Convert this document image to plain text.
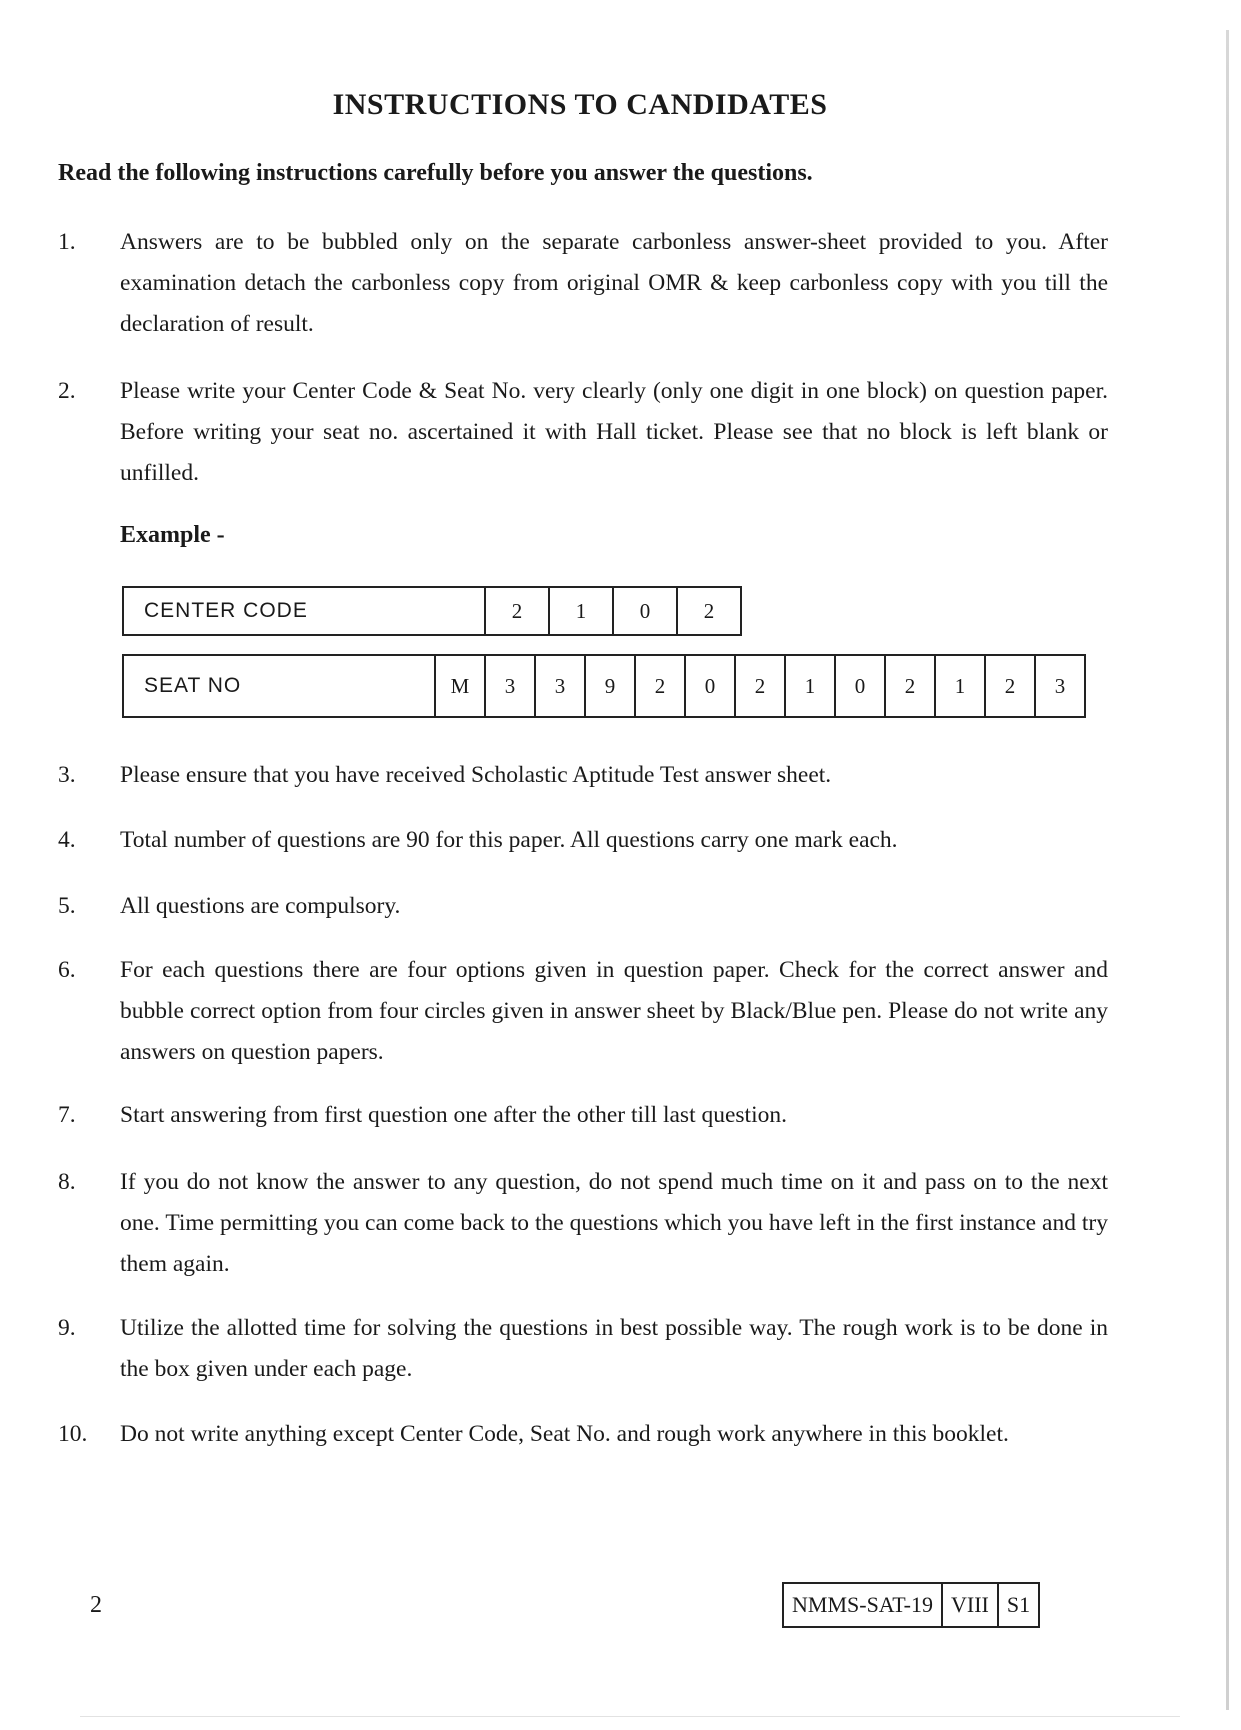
INSTRUCTIONS TO CANDIDATES
Read the following instructions carefully before you answer the questions.
1. Answers are to be bubbled only on the separate carbonless answer-sheet provided to you. After examination detach the carbonless copy from original OMR & keep carbonless copy with you till the declaration of result.
2. Please write your Center Code & Seat No. very clearly (only one digit in one block) on question paper. Before writing your seat no. ascertained it with Hall ticket. Please see that no block is left blank or unfilled.
Example -
CENTER CODE	2	1	0	2
SEAT NO	M	3	3	9	2	0	2	1	0	2	1	2	3
3. Please ensure that you have received Scholastic Aptitude Test answer sheet.
4. Total number of questions are 90 for this paper. All questions carry one mark each.
5. All questions are compulsory.
6. For each questions there are four options given in question paper. Check for the correct answer and bubble correct option from four circles given in answer sheet by Black/Blue pen. Please do not write any answers on question papers.
7. Start answering from first question one after the other till last question.
8. If you do not know the answer to any question, do not spend much time on it and pass on to the next one. Time permitting you can come back to the questions which you have left in the first instance and try them again.
9. Utilize the allotted time for solving the questions in best possible way. The rough work is to be done in the box given under each page.
10. Do not write anything except Center Code, Seat No. and rough work anywhere in this booklet.
2	NMMS-SAT-19 VIII S1
